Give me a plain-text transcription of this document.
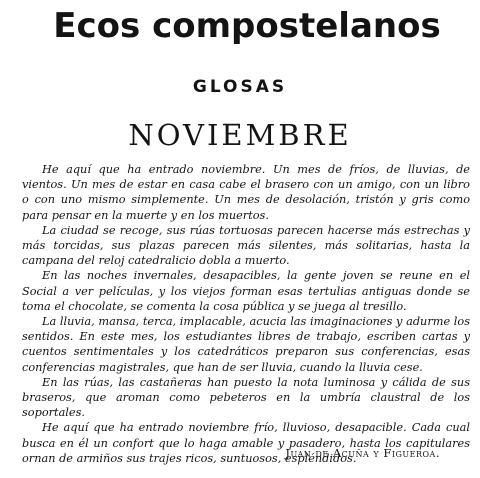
Ecos compostelanos
GLOSAS
NOVIEMBRE

He aquí que ha entrado noviembre. Un mes de fríos, de lluvias, de vientos. Un mes de estar en casa cabe el brasero con un amigo, con un libro o con uno mismo simplemente. Un mes de desolación, tristón y gris como para pensar en la muerte y en los muertos.

La ciudad se recoge, sus rúas tortuosas parecen hacerse más estrechas y más torcidas, sus plazas parecen más silentes, más solitarias, hasta la campana del reloj catedralicio dobla a muerto.

En las noches invernales, desapacibles, la gente joven se reune en el Social a ver películas, y los viejos forman esas tertulias antiguas donde se toma el chocolate, se comenta la cosa pública y se juega al tresillo.

La lluvia, mansa, terca, implacable, acucia las imaginaciones y adurme los sentidos. En este mes, los estudiantes libres de trabajo, escriben cartas y cuentos sentimentales y los catedráticos preparon sus conferencias, esas conferencias magistrales, que han de ser lluvia, cuando la lluvia cese.

En las rúas, las castañeras han puesto la nota luminosa y cálida de sus braseros, que aroman como pebeteros en la umbría claustral de los soportales.

He aquí que ha entrado noviembre frío, lluvioso, desapacible. Cada cual busca en él un confort que lo haga amable y pasadero, hasta los capitulares ornan de armiños sus trajes ricos, suntuosos, espléndidos.

Juan de Acuña y Figueroa.
